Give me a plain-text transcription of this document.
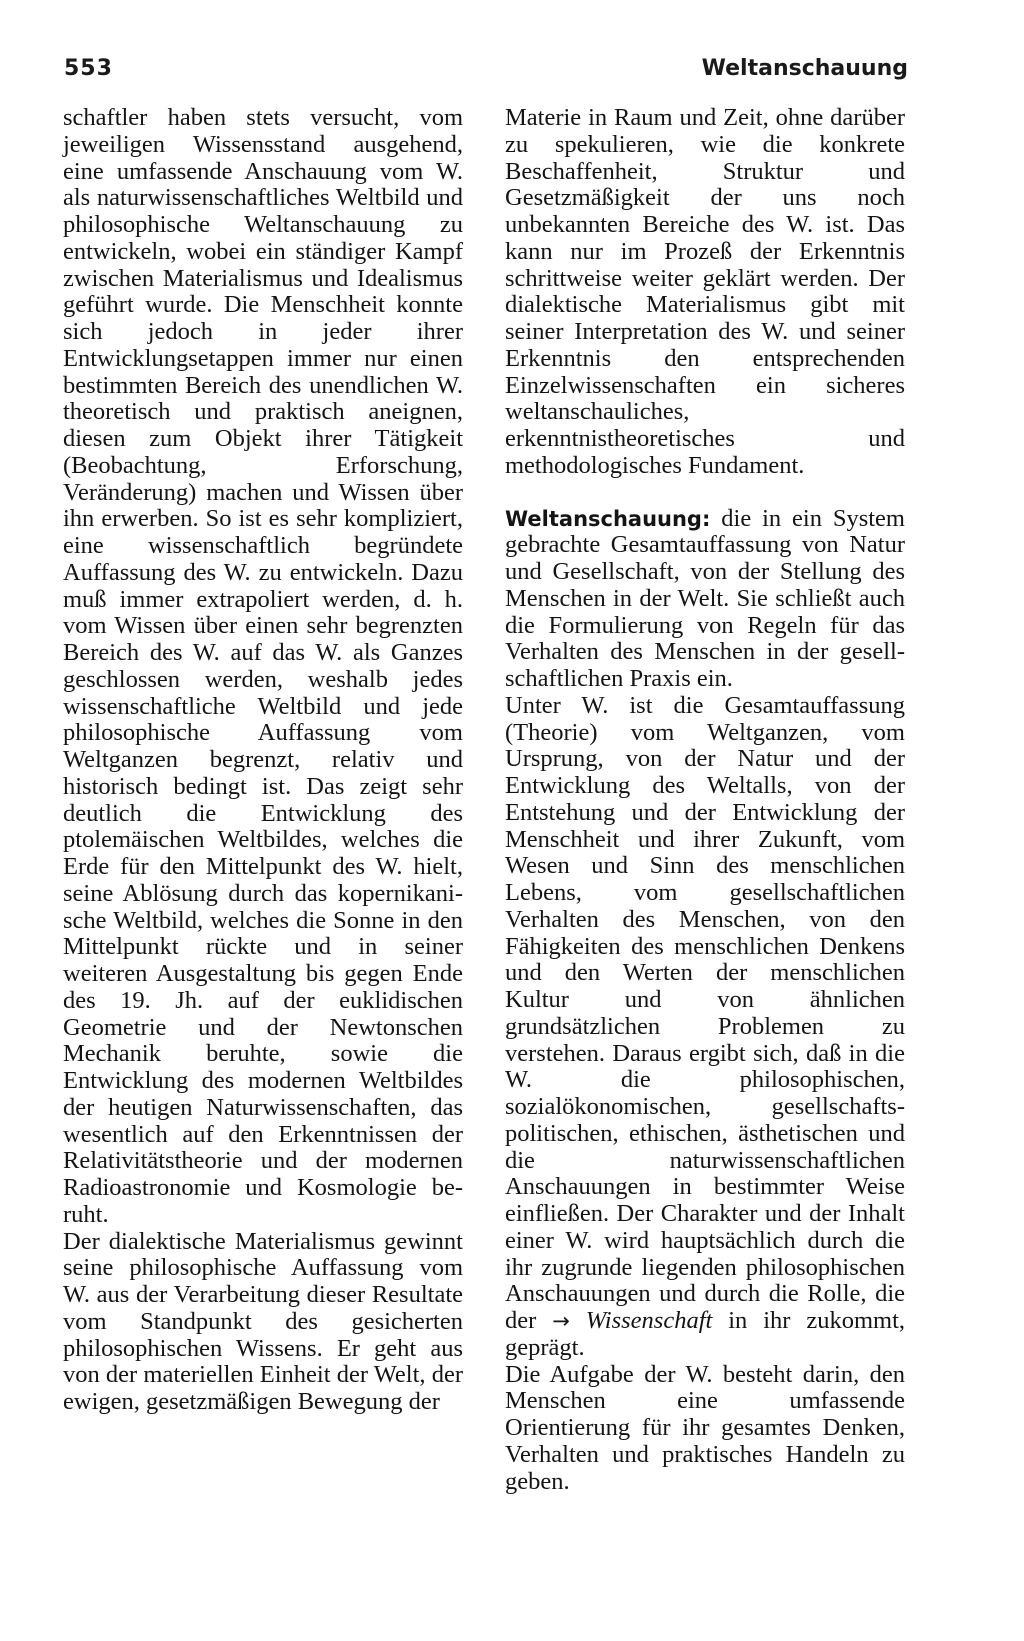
553	Weltanschauung

schaftler haben stets versucht, vom jeweiligen Wissensstand ausgehend, eine umfassende Anschauung vom W. als naturwissenschaftliches Weltbild und philosophische Weltanschauung zu entwickeln, wobei ein ständiger Kampf zwischen Materialismus und Idealismus geführt wurde. Die Menschheit konnte sich jedoch in jeder ihrer Entwicklungsetappen immer nur einen bestimmten Bereich des unendlichen W. theoretisch und praktisch aneignen, diesen zum Objekt ihrer Tätigkeit (Beobachtung, Erforschung, Veränderung) machen und Wissen über ihn erwerben. So ist es sehr kompliziert, eine wissenschaftlich begründete Auffassung des W. zu entwickeln. Dazu muß immer extrapoliert werden, d. h. vom Wissen über einen sehr begrenzten Bereich des W. auf das W. als Ganzes geschlossen werden, weshalb jedes wissenschaftliche Weltbild und jede philosophische Auffassung vom Weltganzen begrenzt, relativ und historisch bedingt ist. Das zeigt sehr deutlich die Entwicklung des ptolemäischen Weltbildes, welches die Erde für den Mittelpunkt des W. hielt, seine Ablösung durch das kopernikanische Weltbild, welches die Sonne in den Mittelpunkt rückte und in seiner weiteren Ausgestaltung bis gegen Ende des 19. Jh. auf der euklidischen Geometrie und der Newtonschen Mechanik beruhte, sowie die Entwicklung des modernen Weltbildes der heutigen Naturwissenschaften, das wesentlich auf den Erkenntnissen der Relativitätstheorie und der modernen Radioastronomie und Kosmologie beruht.

Der dialektische Materialismus gewinnt seine philosophische Auffassung vom W. aus der Verarbeitung dieser Resultate vom Standpunkt des gesicherten philosophischen Wissens. Er geht aus von der materiellen Einheit der Welt, der ewigen, gesetzmäßigen Bewegung der

Materie in Raum und Zeit, ohne darüber zu spekulieren, wie die konkrete Beschaffenheit, Struktur und Gesetzmäßigkeit der uns noch unbekannten Bereiche des W. ist. Das kann nur im Prozeß der Erkenntnis schrittweise weiter geklärt werden. Der dialektische Materialismus gibt mit seiner Interpretation des W. und seiner Erkenntnis den entsprechenden Einzelwissenschaften ein sicheres weltanschauliches, erkenntnistheoretisches und methodologisches Fundament.

Weltanschauung: die in ein System gebrachte Gesamtauffassung von Natur und Gesellschaft, von der Stellung des Menschen in der Welt. Sie schließt auch die Formulierung von Regeln für das Verhalten des Menschen in der gesellschaftlichen Praxis ein.

Unter W. ist die Gesamtauffassung (Theorie) vom Weltganzen, vom Ursprung, von der Natur und der Entwicklung des Weltalls, von der Entstehung und der Entwicklung der Menschheit und ihrer Zukunft, vom Wesen und Sinn des menschlichen Lebens, vom gesellschaftlichen Verhalten des Menschen, von den Fähigkeiten des menschlichen Denkens und den Werten der menschlichen Kultur und von ähnlichen grundsätzlichen Problemen zu verstehen. Daraus ergibt sich, daß in die W. die philosophischen, sozialökonomischen, gesellschaftspolitischen, ethischen, ästhetischen und die naturwissenschaftlichen Anschauungen in bestimmter Weise einfließen. Der Charakter und der Inhalt einer W. wird hauptsächlich durch die ihr zugrunde liegenden philosophischen Anschauungen und durch die Rolle, die der → Wissenschaft in ihr zukommt, geprägt.

Die Aufgabe der W. besteht darin, den Menschen eine umfassende Orientierung für ihr gesamtes Denken, Verhalten und praktisches Handeln zu geben.
